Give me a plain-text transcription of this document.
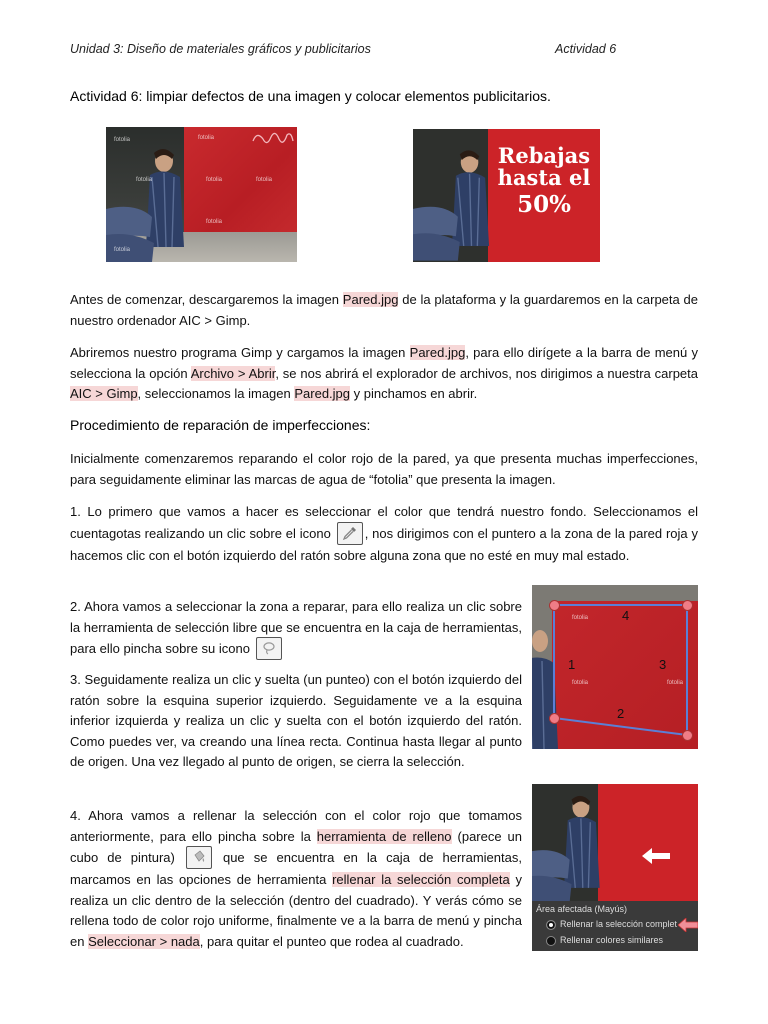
Unidad 3: Diseño de materiales gráficos y publicitarios	Actividad 6
Actividad 6: limpiar defectos de una imagen y colocar elementos publicitarios.
fotolia	fotolia
fotolia	fotolia	fotolia
fotolia
fotolia
Rebajas
hasta el
50%
Antes de comenzar, descargaremos la imagen Pared.jpg de la plataforma y la guardaremos en la carpeta de nuestro ordenador AIC > Gimp.
Abriremos nuestro programa Gimp y cargamos la imagen Pared.jpg, para ello dirígete a la barra de menú y selecciona la opción Archivo > Abrir, se nos abrirá el explorador de archivos, nos dirigimos a nuestra carpeta AIC > Gimp, seleccionamos la imagen Pared.jpg y pinchamos en abrir.
Procedimiento de reparación de imperfecciones:
Inicialmente comenzaremos reparando el color rojo de la pared, ya que presenta muchas imperfecciones, para seguidamente eliminar las marcas de agua de “fotolia” que presenta la imagen.
1. Lo primero que vamos a hacer es seleccionar el color que tendrá nuestro fondo. Seleccionamos el cuentagotas realizando un clic sobre el icono
, nos dirigimos con el puntero a la zona de la pared roja y hacemos clic con el botón izquierdo del ratón sobre alguna zona que no esté en muy mal estado.
2. Ahora vamos a seleccionar la zona a reparar, para ello realiza un clic sobre la herramienta de selección libre que se encuentra en la caja de herramientas, para ello pincha sobre su icono
3. Seguidamente realiza un clic y suelta (un punteo) con el botón izquierdo del ratón sobre la esquina superior izquierdo. Seguidamente ve a la esquina inferior izquierda y realiza un clic y suelta con el botón izquierdo del ratón. Como puedes ver, va creando una línea recta. Continua hasta llegar al punto de origen. Una vez llegado al punto de origen, se cierra la selección.
4. Ahora vamos a rellenar la selección con el color rojo que tomamos anteriormente, para ello pincha sobre la herramienta de relleno (parece un cubo de pintura)
que se encuentra en la caja de herramientas, marcamos en las opciones de herramienta rellenar la selección completa y realiza un clic dentro de la selección (dentro del cuadrado). Y verás cómo se rellena todo de color rojo uniforme, finalmente ve a la barra de menú y pincha en Seleccionar > nada, para quitar el punteo que rodea al cuadrado.
fotolia
fotolia	fotolia
4
1	3
2
Área afectada (Mayús)
Rellenar la selección complet
Rellenar colores similares
